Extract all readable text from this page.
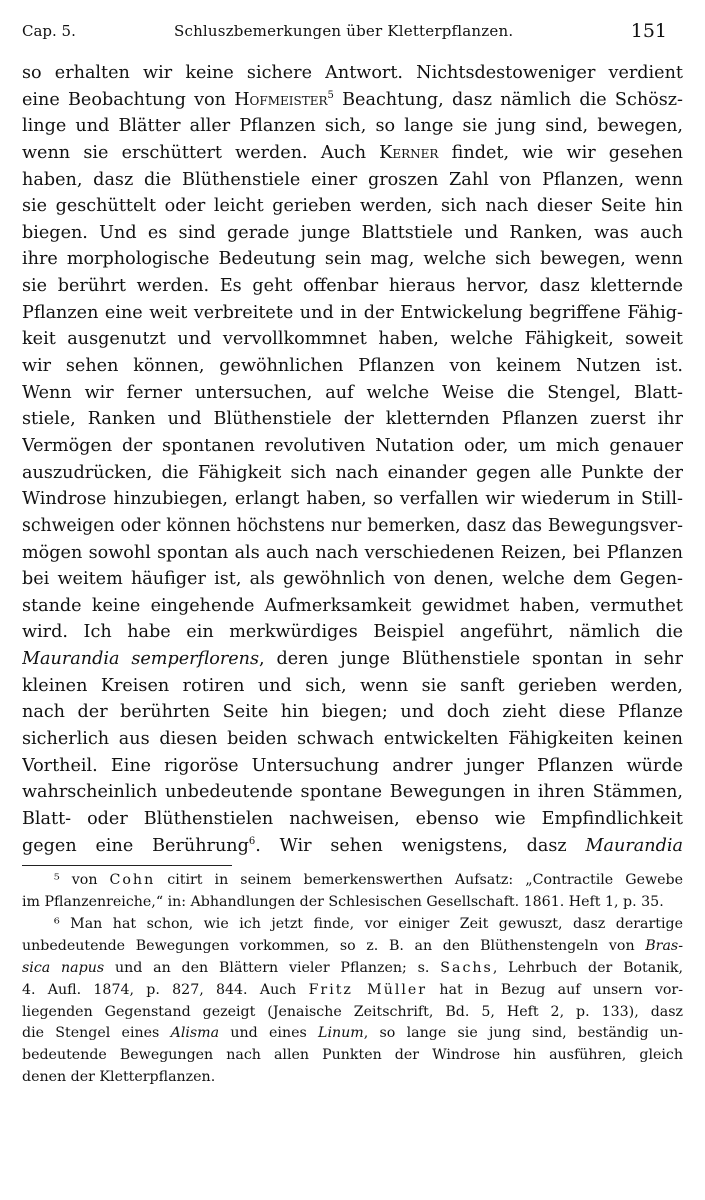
Cap. 5.	Schluszbemerkungen über Kletterpflanzen.	151
so erhalten wir keine sichere Antwort. Nichtsdestoweniger verdient
eine Beobachtung von Hofmeister$^5$ Beachtung, dasz nämlich die Schösz-
linge und Blätter aller Pflanzen sich, so lange sie jung sind, bewegen,
wenn sie erschüttert werden. Auch Kerner findet, wie wir gesehen
haben, dasz die Blüthenstiele einer groszen Zahl von Pflanzen, wenn
sie geschüttelt oder leicht gerieben werden, sich nach dieser Seite hin
biegen. Und es sind gerade junge Blattstiele und Ranken, was auch
ihre morphologische Bedeutung sein mag, welche sich bewegen, wenn
sie berührt werden. Es geht offenbar hieraus hervor, dasz kletternde
Pflanzen eine weit verbreitete und in der Entwickelung begriffene Fähig-
keit ausgenutzt und vervollkommnet haben, welche Fähigkeit, soweit
wir sehen können, gewöhnlichen Pflanzen von keinem Nutzen ist.
Wenn wir ferner untersuchen, auf welche Weise die Stengel, Blatt-
stiele, Ranken und Blüthenstiele der kletternden Pflanzen zuerst ihr
Vermögen der spontanen revolutiven Nutation oder, um mich genauer
auszudrücken, die Fähigkeit sich nach einander gegen alle Punkte der
Windrose hinzubiegen, erlangt haben, so verfallen wir wiederum in Still-
schweigen oder können höchstens nur bemerken, dasz das Bewegungsver-
mögen sowohl spontan als auch nach verschiedenen Reizen, bei Pflanzen
bei weitem häufiger ist, als gewöhnlich von denen, welche dem Gegen-
stande keine eingehende Aufmerksamkeit gewidmet haben, vermuthet
wird. Ich habe ein merkwürdiges Beispiel angeführt, nämlich die
Maurandia semperflorens, deren junge Blüthenstiele spontan in sehr
kleinen Kreisen rotiren und sich, wenn sie sanft gerieben werden,
nach der berührten Seite hin biegen; und doch zieht diese Pflanze
sicherlich aus diesen beiden schwach entwickelten Fähigkeiten keinen
Vortheil. Eine rigoröse Untersuchung andrer junger Pflanzen würde
wahrscheinlich unbedeutende spontane Bewegungen in ihren Stämmen,
Blatt- oder Blüthenstielen nachweisen, ebenso wie Empfindlichkeit
gegen eine Berührung$^6$. Wir sehen wenigstens, dasz Maurandia
⁵ von Cohn citirt in seinem bemerkenswerthen Aufsatz: „Contractile Gewebe
im Pflanzenreiche,“ in: Abhandlungen der Schlesischen Gesellschaft. 1861. Heft 1, p. 35.
⁶ Man hat schon, wie ich jetzt finde, vor einiger Zeit gewuszt, dasz derartige
unbedeutende Bewegungen vorkommen, so z. B. an den Blüthenstengeln von Bras-
sica napus und an den Blättern vieler Pflanzen; s. Sachs, Lehrbuch der Botanik,
4. Aufl. 1874, p. 827, 844. Auch Fritz Müller hat in Bezug auf unsern vor-
liegenden Gegenstand gezeigt (Jenaische Zeitschrift, Bd. 5, Heft 2, p. 133), dasz
die Stengel eines Alisma und eines Linum, so lange sie jung sind, beständig un-
bedeutende Bewegungen nach allen Punkten der Windrose hin ausführen, gleich
denen der Kletterpflanzen.
